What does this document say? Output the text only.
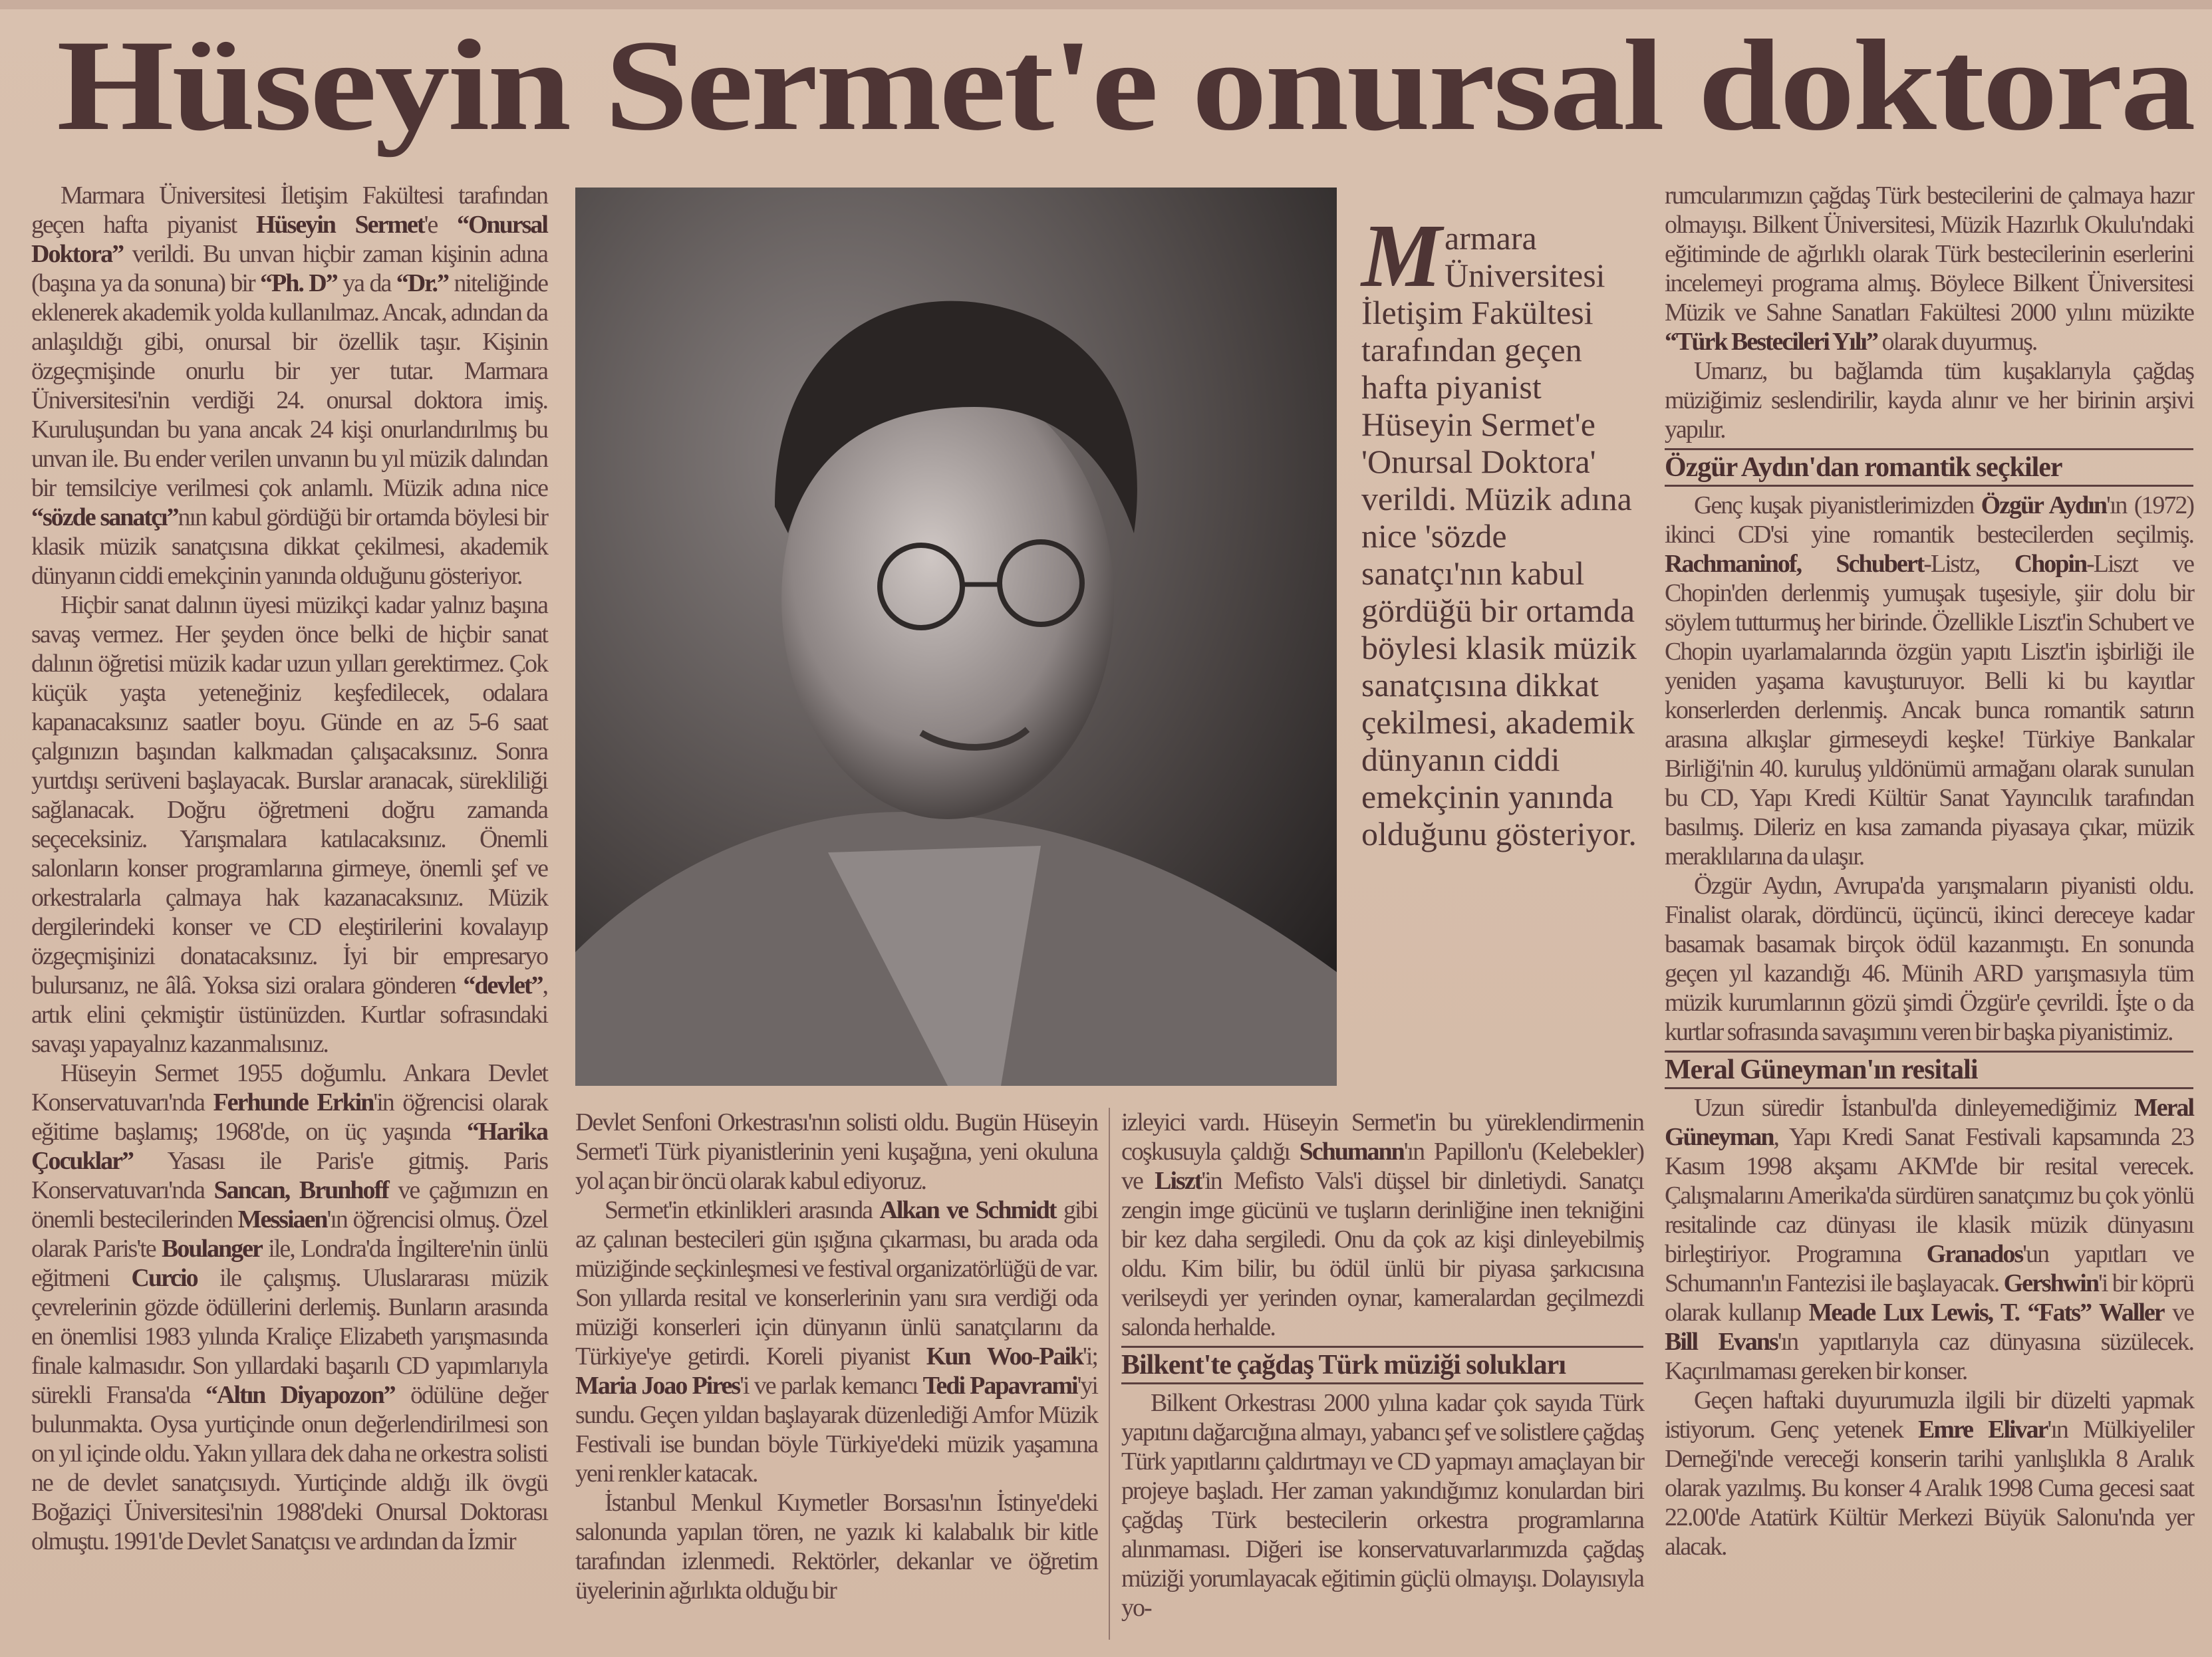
Hüseyin Sermet'e onursal doktora

Marmara Üniversitesi İletişim Fakültesi tarafından geçen hafta piyanist Hüseyin Sermet'e “Onursal Doktora” verildi. Bu unvan hiçbir zaman kişinin adına (başına ya da sonuna) bir “Ph. D” ya da “Dr.” niteliğinde eklenerek akademik yolda kullanılmaz. Ancak, adından da anlaşıldığı gibi, onursal bir özellik taşır. Kişinin özgeçmişinde onurlu bir yer tutar. Marmara Üniversitesi'nin verdiği 24. onursal doktora imiş. Kuruluşundan bu yana ancak 24 kişi onurlandırılmış bu unvan ile. Bu ender verilen unvanın bu yıl müzik dalından bir temsilciye verilmesi çok anlamlı. Müzik adına nice “sözde sanatçı”nın kabul gördüğü bir ortamda böylesi bir klasik müzik sanatçısına dikkat çekilmesi, akademik dünyanın ciddi emekçinin yanında olduğunu gösteriyor.

Hiçbir sanat dalının üyesi müzikçi kadar yalnız başına savaş vermez. Her şeyden önce belki de hiçbir sanat dalının öğretisi müzik kadar uzun yılları gerektirmez. Çok küçük yaşta yeteneğiniz keşfedilecek, odalara kapanacaksınız saatler boyu. Günde en az 5-6 saat çalgınızın başından kalkmadan çalışacaksınız. Sonra yurtdışı serüveni başlayacak. Burslar aranacak, sürekliliği sağlanacak. Doğru öğretmeni doğru zamanda seçeceksiniz. Yarışmalara katılacaksınız. Önemli salonların konser programlarına girmeye, önemli şef ve orkestralarla çalmaya hak kazanacaksınız. Müzik dergilerindeki konser ve CD eleştirilerini kovalayıp özgeçmişinizi donatacaksınız. İyi bir empresaryo bulursanız, ne âlâ. Yoksa sizi oralara gönderen “devlet”, artık elini çekmiştir üstünüzden. Kurtlar sofrasındaki savaşı yapayalnız kazanmalısınız.

Hüseyin Sermet 1955 doğumlu. Ankara Devlet Konservatuvarı'nda Ferhunde Erkin'in öğrencisi olarak eğitime başlamış; 1968'de, on üç yaşında “Harika Çocuklar” Yasası ile Paris'e gitmiş. Paris Konservatuvarı'nda Sancan, Brunhoff ve çağımızın en önemli bestecilerinden Messiaen'ın öğrencisi olmuş. Özel olarak Paris'te Boulanger ile, Londra'da İngiltere'nin ünlü eğitmeni Curcio ile çalışmış. Uluslararası müzik çevrelerinin gözde ödüllerini derlemiş. Bunların arasında en önemlisi 1983 yılında Kraliçe Elizabeth yarışmasında finale kalmasıdır. Son yıllardaki başarılı CD yapımlarıyla sürekli Fransa'da “Altın Diyapozon” ödülüne değer bulunmakta. Oysa yurtiçinde onun değerlendirilmesi son on yıl içinde oldu. Yakın yıllara dek daha ne orkestra solisti ne de devlet sanatçısıydı. Yurtiçinde aldığı ilk övgü Boğaziçi Üniversitesi'nin 1988'deki Onursal Doktorası olmuştu. 1991'de Devlet Sanatçısı ve ardından da İzmir

Marmara Üniversitesi İletişim Fakültesi tarafından geçen hafta piyanist Hüseyin Sermet'e 'Onursal Doktora' verildi. Müzik adına nice 'sözde sanatçı'nın kabul gördüğü bir ortamda böylesi klasik müzik sanatçısına dikkat çekilmesi, akademik dünyanın ciddi emekçinin yanında olduğunu gösteriyor.

Devlet Senfoni Orkestrası'nın solisti oldu. Bugün Hüseyin Sermet'i Türk piyanistlerinin yeni kuşağına, yeni okuluna yol açan bir öncü olarak kabul ediyoruz.

Sermet'in etkinlikleri arasında Alkan ve Schmidt gibi az çalınan bestecileri gün ışığına çıkarması, bu arada oda müziğinde seçkinleşmesi ve festival organizatörlüğü de var. Son yıllarda resital ve konserlerinin yanı sıra verdiği oda müziği konserleri için dünyanın ünlü sanatçılarını da Türkiye'ye getirdi. Koreli piyanist Kun Woo-Paik'i; Maria Joao Pires'i ve parlak kemancı Tedi Papavrami'yi sundu. Geçen yıldan başlayarak düzenlediği Amfor Müzik Festivali ise bundan böyle Türkiye'deki müzik yaşamına yeni renkler katacak.

İstanbul Menkul Kıymetler Borsası'nın İstinye'deki salonunda yapılan tören, ne yazık ki kalabalık bir kitle tarafından izlenmedi. Rektörler, dekanlar ve öğretim üyelerinin ağırlıkta olduğu bir

izleyici vardı. Hüseyin Sermet'in bu yüreklendirmenin coşkusuyla çaldığı Schumann'ın Papillon'u (Kelebekler) ve Liszt'in Mefisto Vals'i düşsel bir dinletiydi. Sanatçı zengin imge gücünü ve tuşların derinliğine inen tekniğini bir kez daha sergiledi. Onu da çok az kişi dinleyebilmiş oldu. Kim bilir, bu ödül ünlü bir piyasa şarkıcısına verilseydi yer yerinden oynar, kameralardan geçilmezdi salonda herhalde.

Bilkent'te çağdaş Türk müziği solukları

Bilkent Orkestrası 2000 yılına kadar çok sayıda Türk yapıtını dağarcığına almayı, yabancı şef ve solistlere çağdaş Türk yapıtlarını çaldırtmayı ve CD yapmayı amaçlayan bir projeye başladı. Her zaman yakındığımız konulardan biri çağdaş Türk bestecilerin orkestra programlarına alınmaması. Diğeri ise konservatuvarlarımızda çağdaş müziği yorumlayacak eğitimin güçlü olmayışı. Dolayısıyla yo-

rumcularımızın çağdaş Türk bestecilerini de çalmaya hazır olmayışı. Bilkent Üniversitesi, Müzik Hazırlık Okulu'ndaki eğitiminde de ağırlıklı olarak Türk bestecilerinin eserlerini incelemeyi programa almış. Böylece Bilkent Üniversitesi Müzik ve Sahne Sanatları Fakültesi 2000 yılını müzikte “Türk Bestecileri Yılı” olarak duyurmuş.

Umarız, bu bağlamda tüm kuşaklarıyla çağdaş müziğimiz seslendirilir, kayda alınır ve her birinin arşivi yapılır.

Özgür Aydın'dan romantik seçkiler

Genç kuşak piyanistlerimizden Özgür Aydın'ın (1972) ikinci CD'si yine romantik bestecilerden seçilmiş. Rachmaninof, Schubert-Listz, Chopin-Liszt ve Chopin'den derlenmiş yumuşak tuşesiyle, şiir dolu bir söylem tutturmuş her birinde. Özellikle Liszt'in Schubert ve Chopin uyarlamalarında özgün yapıtı Liszt'in işbirliği ile yeniden yaşama kavuşturuyor. Belli ki bu kayıtlar konserlerden derlenmiş. Ancak bunca romantik satırın arasına alkışlar girmeseydi keşke! Türkiye Bankalar Birliği'nin 40. kuruluş yıldönümü armağanı olarak sunulan bu CD, Yapı Kredi Kültür Sanat Yayıncılık tarafından basılmış. Dileriz en kısa zamanda piyasaya çıkar, müzik meraklılarına da ulaşır.

Özgür Aydın, Avrupa'da yarışmaların piyanisti oldu. Finalist olarak, dördüncü, üçüncü, ikinci dereceye kadar basamak basamak birçok ödül kazanmıştı. En sonunda geçen yıl kazandığı 46. Münih ARD yarışmasıyla tüm müzik kurumlarının gözü şimdi Özgür'e çevrildi. İşte o da kurtlar sofrasında savaşımını veren bir başka piyanistimiz.

Meral Güneyman'ın resitali

Uzun süredir İstanbul'da dinleyemediğimiz Meral Güneyman, Yapı Kredi Sanat Festivali kapsamında 23 Kasım 1998 akşamı AKM'de bir resital verecek. Çalışmalarını Amerika'da sürdüren sanatçımız bu çok yönlü resitalinde caz dünyası ile klasik müzik dünyasını birleştiriyor. Programına Granados'un yapıtları ve Schumann'ın Fantezisi ile başlayacak. Gershwin'i bir köprü olarak kullanıp Meade Lux Lewis, T. “Fats” Waller ve Bill Evans'ın yapıtlarıyla caz dünyasına süzülecek. Kaçırılmaması gereken bir konser.

Geçen haftaki duyurumuzla ilgili bir düzelti yapmak istiyorum. Genç yetenek Emre Elivar'ın Mülkiyeliler Derneği'nde vereceği konserin tarihi yanlışlıkla 8 Aralık olarak yazılmış. Bu konser 4 Aralık 1998 Cuma gecesi saat 22.00'de Atatürk Kültür Merkezi Büyük Salonu'nda yer alacak.
